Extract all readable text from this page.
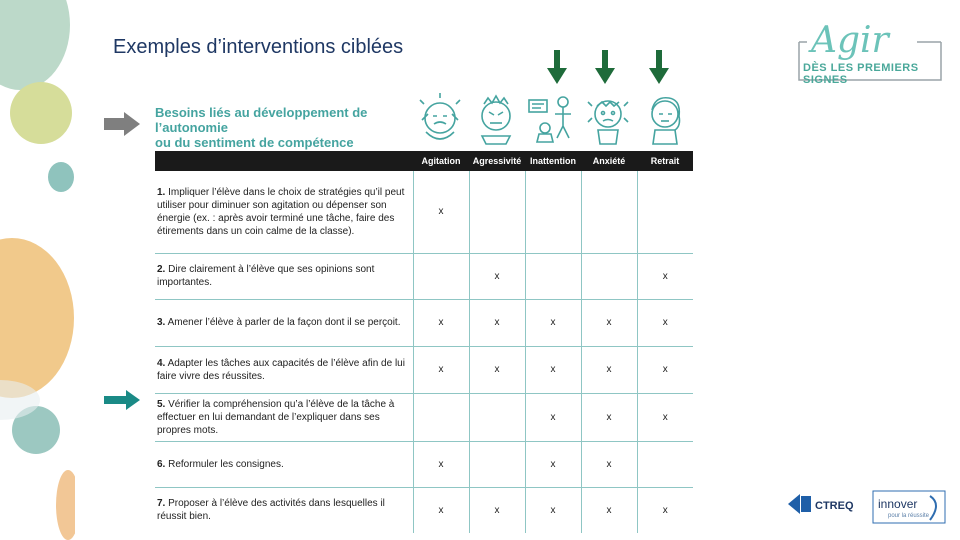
Exemples d’interventions ciblées	Agir
DÈS LES PREMIERS SIGNES
Besoins liés au développement de l’autonomie
ou du sentiment de compétence
	Agitation	Agressivité	Inattention	Anxiété	Retrait
1. Impliquer l’élève dans le choix de stratégies qu’il peut utiliser pour diminuer son agitation ou dépenser son énergie (ex. : après avoir terminé une tâche, faire des étirements dans un coin calme de la classe).	x				
2. Dire clairement à l’élève que ses opinions sont importantes.		x			x
3. Amener l’élève à parler de la façon dont il se perçoit.	x	x	x	x	x
4. Adapter les tâches aux capacités de l’élève afin de lui faire vivre des réussites.	x	x	x	x	x
5. Vérifier la compréhension qu’a l’élève de la tâche à effectuer en lui demandant de l’expliquer dans ses propres mots.			x	x	x
6. Reformuler les consignes.	x		x	x	
7. Proposer à l’élève des activités dans lesquelles il réussit bien.	x	x	x	x	x	CTREQ innover
pour la réussite
